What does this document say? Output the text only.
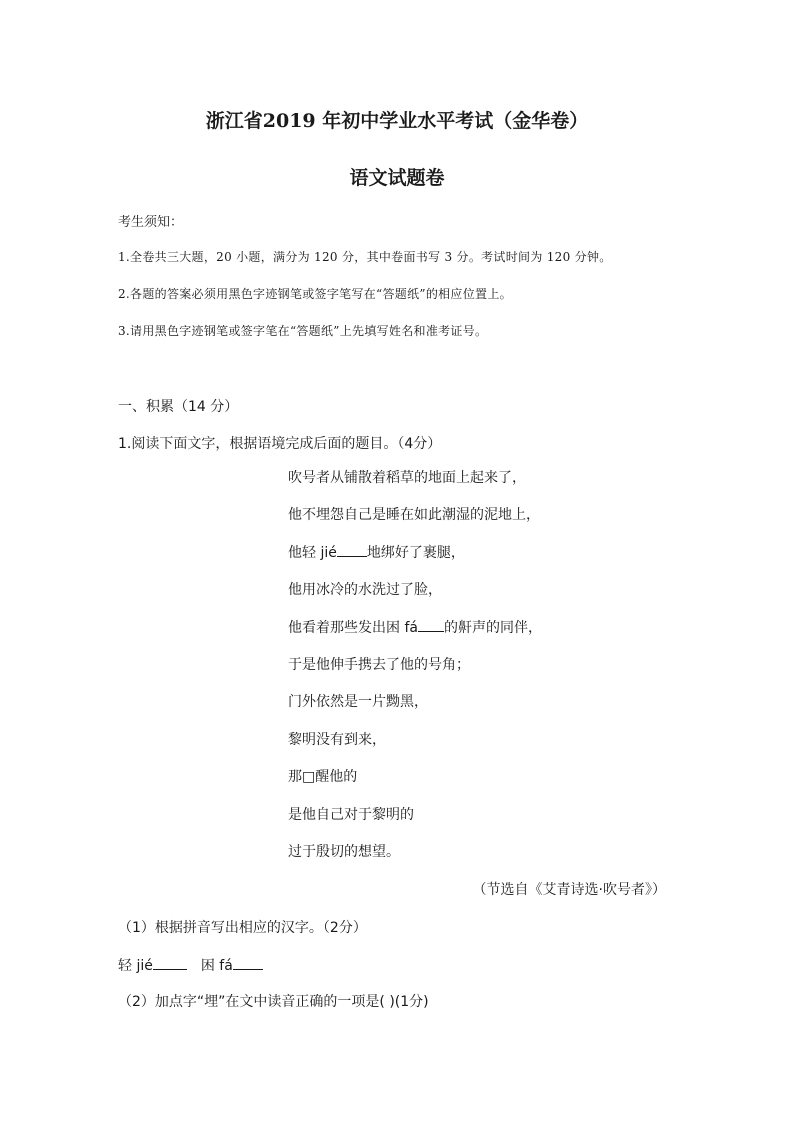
浙江省2019 年初中学业水平考试（金华卷）
语文试题卷
考生须知：
1.全卷共三大题，20 小题，满分为 120 分，其中卷面书写 3 分。考试时间为 120 分钟。
2.各题的答案必须用黑色字迹钢笔或签字笔写在“答题纸”的相应位置上。
3.请用黑色字迹钢笔或签字笔在“答题纸”上先填写姓名和准考证号。
一、积累（14 分）
1.阅读下面文字，根据语境完成后面的题目。（4分）
吹号者从铺散着稻草的地面上起来了，
他不埋怨自己是睡在如此潮湿的泥地上，
他轻 jié 地绑好了裹腿，
他用冰冷的水洗过了脸，
他看着那些发出困 fá 的鼾声的同伴，
于是他伸手携去了他的号角；
门外依然是一片黝黑，
黎明没有到来，
那□醒他的
是他自己对于黎明的
过于殷切的想望。
（节选自《艾青诗选·吹号者》）
（1）根据拼音写出相应的汉字。（2分）
轻 jié	困 fá
（2）加点字“埋”在文中读音正确的一项是( )(1分)
